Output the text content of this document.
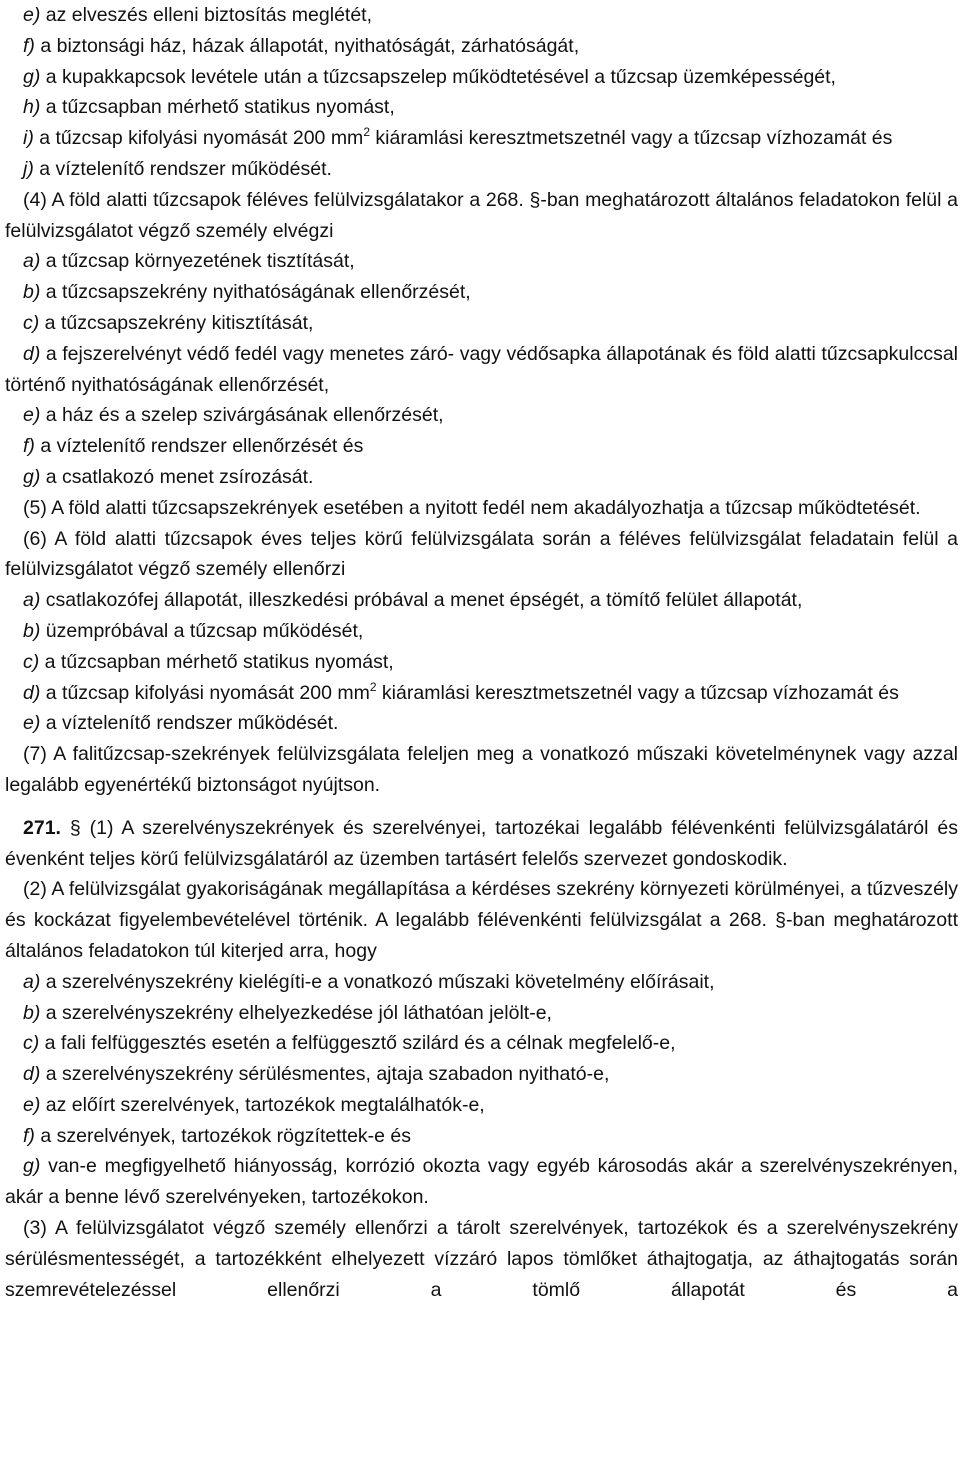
e) az elveszés elleni biztosítás meglétét,

f) a biztonsági ház, házak állapotát, nyithatóságát, zárhatóságát,

g) a kupakkapcsok levétele után a tűzcsapszelep működtetésével a tűzcsap üzemképességét,

h) a tűzcsapban mérhető statikus nyomást,

i) a tűzcsap kifolyási nyomását 200 $mm^2$ kiáramlási keresztmetszetnél vagy a tűzcsap vízhozamát és

j) a víztelenítő rendszer működését.

(4) A föld alatti tűzcsapok féléves felülvizsgálatakor a 268. §-ban meghatározott általános feladatokon felül a felülvizsgálatot végző személy elvégzi

a) a tűzcsap környezetének tisztítását,

b) a tűzcsapszekrény nyithatóságának ellenőrzését,

c) a tűzcsapszekrény kitisztítását,

d) a fejszerelvényt védő fedél vagy menetes záró- vagy védősapka állapotának és föld alatti tűzcsapkulccsal történő nyithatóságának ellenőrzését,

e) a ház és a szelep szivárgásának ellenőrzését,

f) a víztelenítő rendszer ellenőrzését és

g) a csatlakozó menet zsírozását.

(5) A föld alatti tűzcsapszekrények esetében a nyitott fedél nem akadályozhatja a tűzcsap működtetését.

(6) A föld alatti tűzcsapok éves teljes körű felülvizsgálata során a féléves felülvizsgálat feladatain felül a felülvizsgálatot végző személy ellenőrzi

a) csatlakozófej állapotát, illeszkedési próbával a menet épségét, a tömítő felület állapotát,

b) üzempróbával a tűzcsap működését,

c) a tűzcsapban mérhető statikus nyomást,

d) a tűzcsap kifolyási nyomását 200 $mm^2$ kiáramlási keresztmetszetnél vagy a tűzcsap vízhozamát és

e) a víztelenítő rendszer működését.

(7) A falitűzcsap-szekrények felülvizsgálata feleljen meg a vonatkozó műszaki követelménynek vagy azzal legalább egyenértékű biztonságot nyújtson.

271. § (1) A szerelvényszekrények és szerelvényei, tartozékai legalább félévenkénti felülvizsgálatáról és évenként teljes körű felülvizsgálatáról az üzemben tartásért felelős szervezet gondoskodik.

(2) A felülvizsgálat gyakoriságának megállapítása a kérdéses szekrény környezeti körülményei, a tűzveszély és kockázat figyelembevételével történik. A legalább félévenkénti felülvizsgálat a 268. §-ban meghatározott általános feladatokon túl kiterjed arra, hogy

a) a szerelvényszekrény kielégíti-e a vonatkozó műszaki követelmény előírásait,

b) a szerelvényszekrény elhelyezkedése jól láthatóan jelölt-e,

c) a fali felfüggesztés esetén a felfüggesztő szilárd és a célnak megfelelő-e,

d) a szerelvényszekrény sérülésmentes, ajtaja szabadon nyitható-e,

e) az előírt szerelvények, tartozékok megtalálhatók-e,

f) a szerelvények, tartozékok rögzítettek-e és

g) van-e megfigyelhető hiányosság, korrózió okozta vagy egyéb károsodás akár a szerelvényszekrényen, akár a benne lévő szerelvényeken, tartozékokon.

(3) A felülvizsgálatot végző személy ellenőrzi a tárolt szerelvények, tartozékok és a szerelvényszekrény sérülésmentességét, a tartozékként elhelyezett vízzáró lapos tömlőket áthajtogatja, az áthajtogatás során szemrevételezéssel ellenőrzi a tömlő állapotát és a
